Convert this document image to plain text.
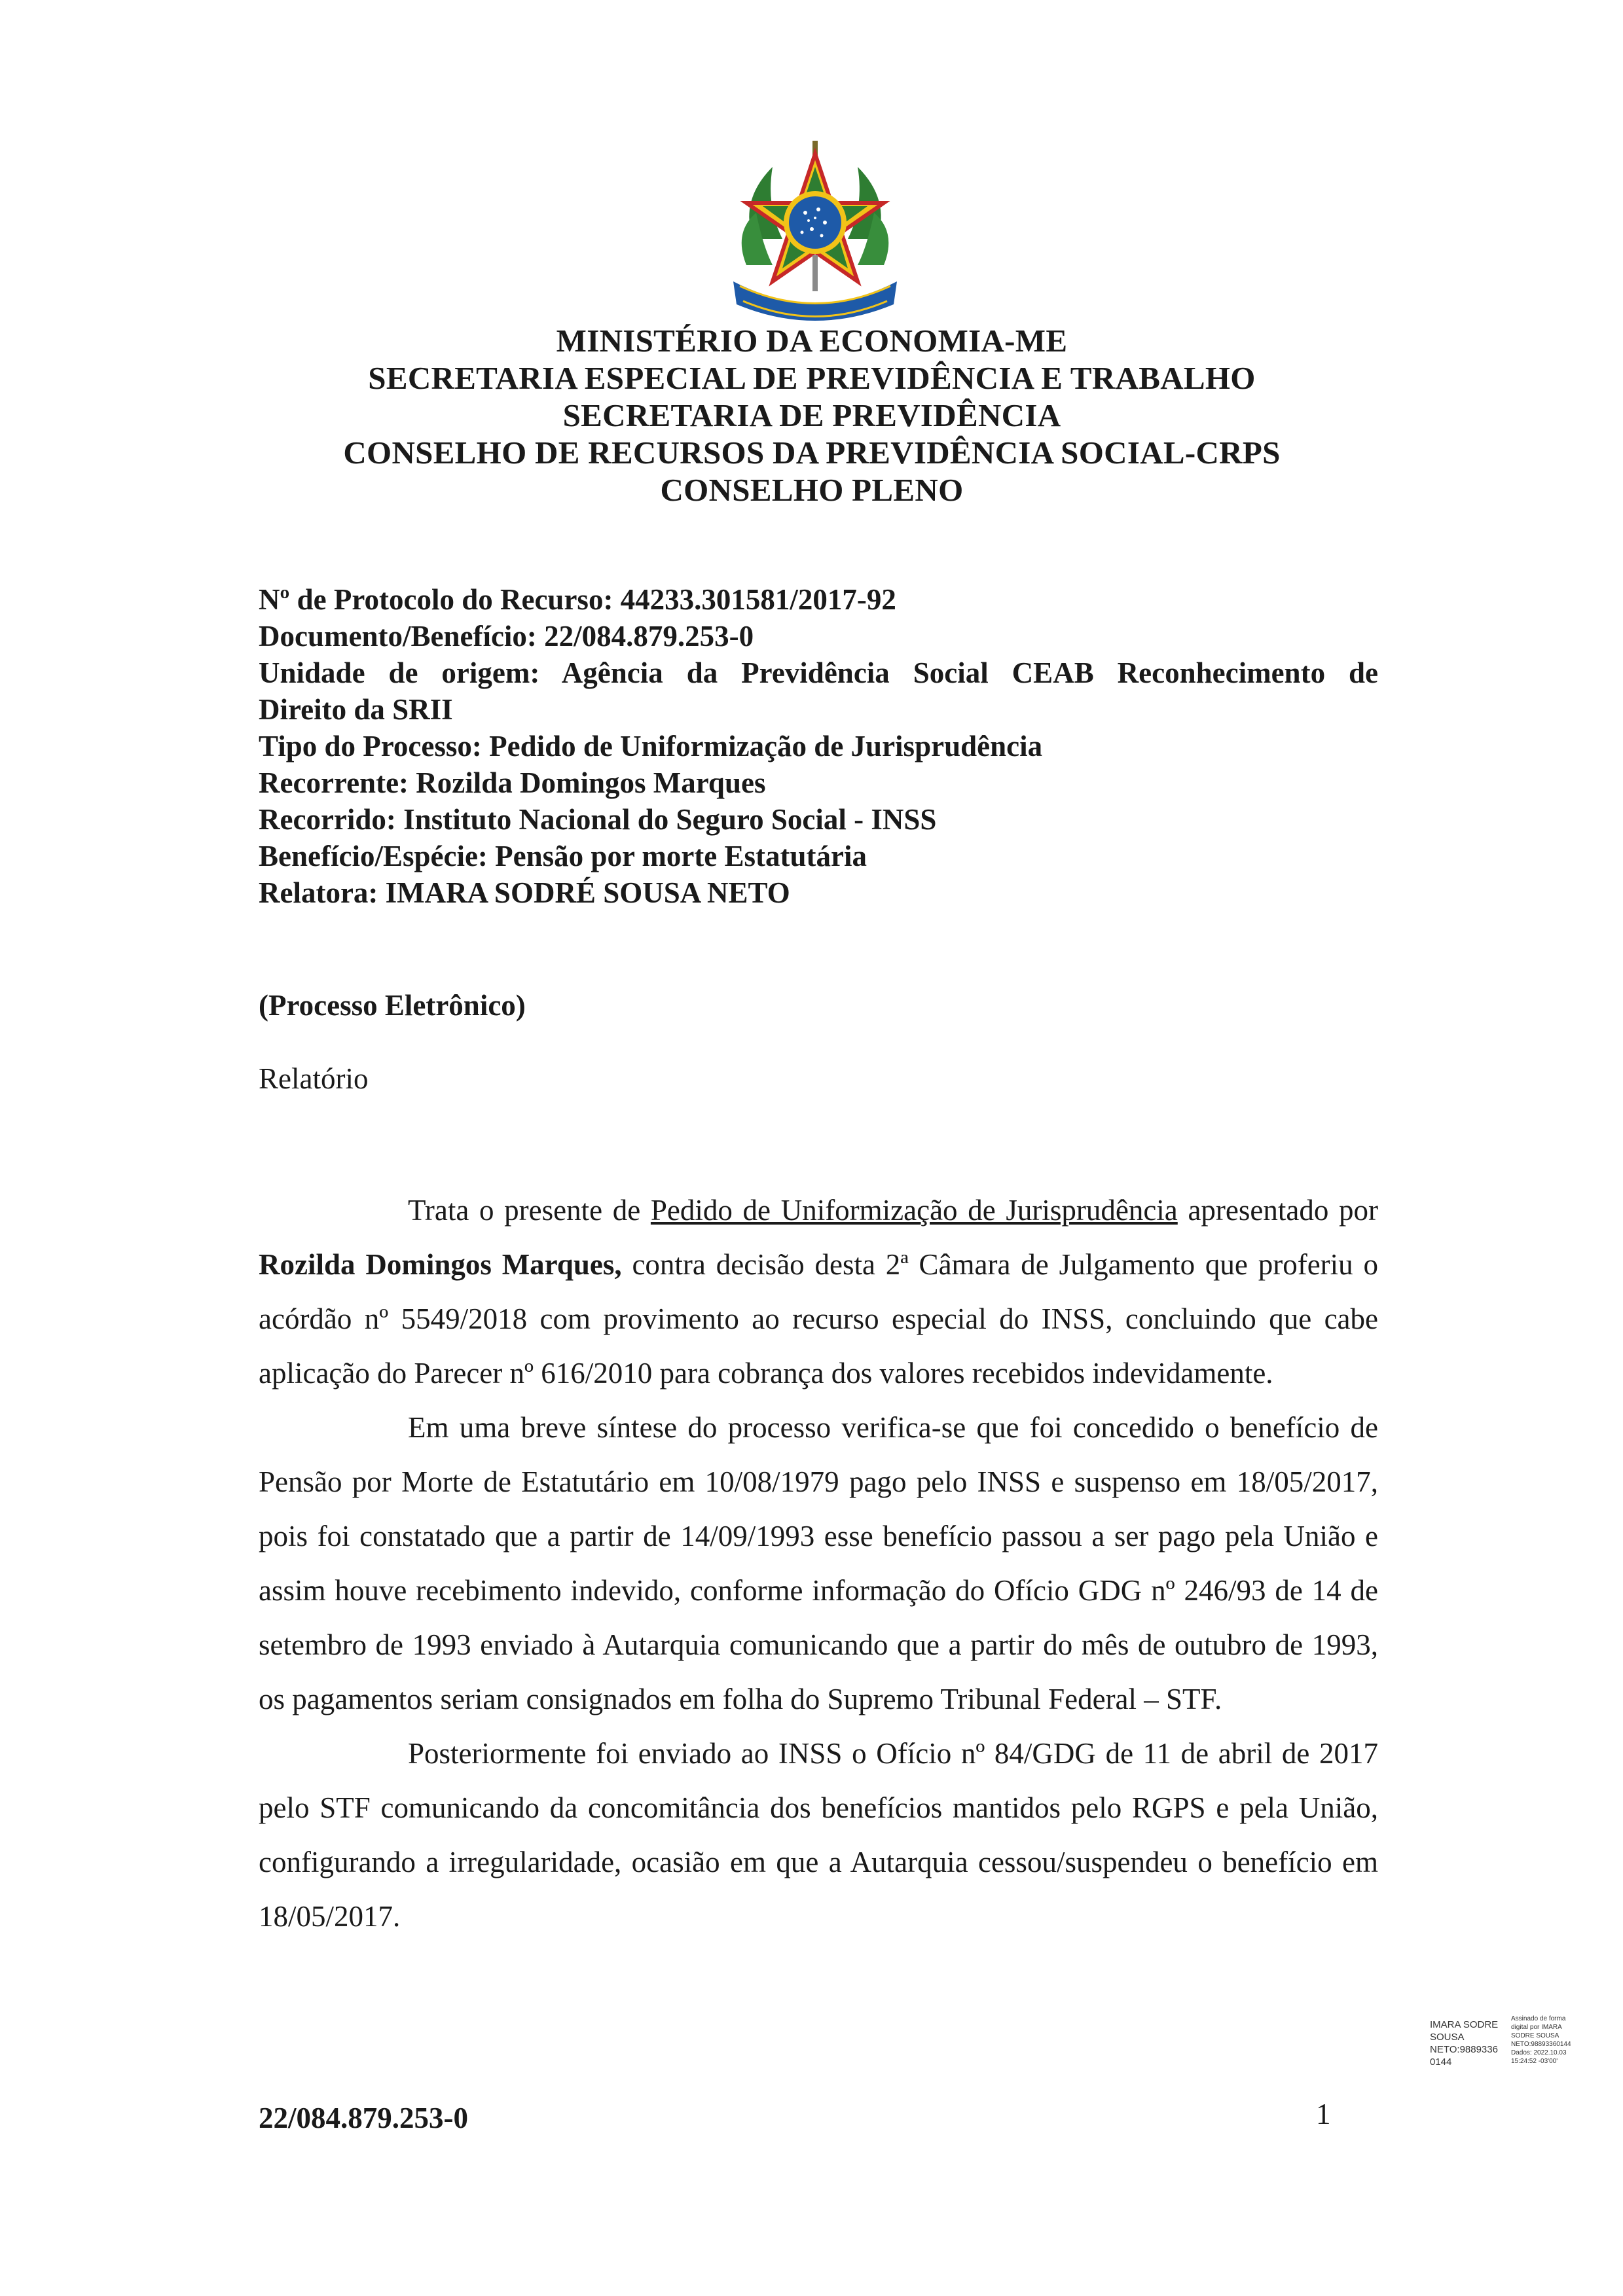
MINISTÉRIO DA ECONOMIA-ME
SECRETARIA ESPECIAL DE PREVIDÊNCIA E TRABALHO
SECRETARIA DE PREVIDÊNCIA
CONSELHO DE RECURSOS DA PREVIDÊNCIA SOCIAL-CRPS
CONSELHO PLENO
Nº de Protocolo do Recurso: 44233.301581/2017-92
Documento/Benefício: 22/084.879.253-0
Unidade de origem: Agência da Previdência Social CEAB Reconhecimento de
Direito da SRII
Tipo do Processo: Pedido de Uniformização de Jurisprudência
Recorrente: Rozilda Domingos Marques
Recorrido: Instituto Nacional do Seguro Social - INSS
Benefício/Espécie: Pensão por morte Estatutária
Relatora: IMARA SODRÉ SOUSA NETO
(Processo Eletrônico)
Relatório

Trata o presente de Pedido de Uniformização de Jurisprudência apresentado por Rozilda Domingos Marques, contra decisão desta 2ª Câmara de Julgamento que proferiu o acórdão nº 5549/2018 com provimento ao recurso especial do INSS, concluindo que cabe aplicação do Parecer nº 616/2010 para cobrança dos valores recebidos indevidamente.

Em uma breve síntese do processo verifica-se que foi concedido o benefício de Pensão por Morte de Estatutário em 10/08/1979 pago pelo INSS e suspenso em 18/05/2017, pois foi constatado que a partir de 14/09/1993 esse benefício passou a ser pago pela União e assim houve recebimento indevido, conforme informação do Ofício GDG nº 246/93 de 14 de setembro de 1993 enviado à Autarquia comunicando que a partir do mês de outubro de 1993, os pagamentos seriam consignados em folha do Supremo Tribunal Federal – STF.

Posteriormente foi enviado ao INSS o Ofício nº 84/GDG de 11 de abril de 2017 pelo STF comunicando da concomitância dos benefícios mantidos pelo RGPS e pela União, configurando a irregularidade, ocasião em que a Autarquia cessou/suspendeu o benefício em 18/05/2017.

IMARA SODRE
SOUSA
NETO:9889336
0144
Assinado de forma
digital por IMARA
SODRE SOUSA
NETO:98893360144
Dados: 2022.10.03
15:24:52 -03'00'
22/084.879.253-0	1
